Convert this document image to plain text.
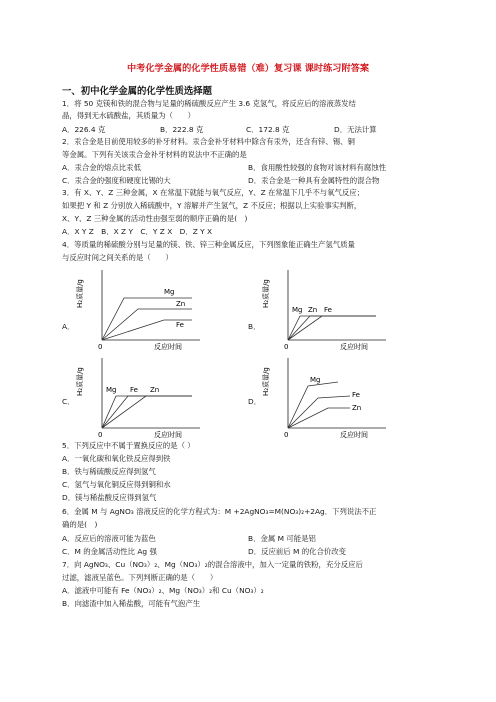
中考化学金属的化学性质易错（难）复习课 课时练习附答案
一、初中化学金属的化学性质选择题
1．将 50 克镁和铁的混合物与足量的稀硫酸反应产生 3.6 克氢气，将反应后的溶液蒸发结
晶，得到无水硫酸盐，其质量为（　　）
A．226.4 克	B．222.8 克	C．172.8 克	D．无法计算
2．汞合金是目前使用较多的补牙材料。汞合金补牙材料中除含有汞外，还含有锌、锡、铜
等金属。下列有关该汞合金补牙材料的说法中不正确的是
A．汞合金的熔点比汞低	B．食用酸性较强的食物对该材料有腐蚀性
C．汞合金的强度和硬度比锡的大	D．汞合金是一种具有金属特性的混合物
3．有 X、Y、Z 三种金属，X 在常温下就能与氧气反应，Y、Z 在常温下几乎不与氧气反应；
如果把 Y 和 Z 分别放入稀硫酸中，Y 溶解并产生氢气，Z 不反应；根据以上实验事实判断，
X、Y、Z 三种金属的活动性由强至弱的顺序正确的是(　)
A．X Y Z　B．X Z Y　C．Y Z X　D．Z Y X
4．等质量的稀硫酸分别与足量的镁、铁、锌三种金属反应，下列图象能正确生产氢气质量
与反应时间之间关系的是（　　）
A．	B．
C．	D．
H₂质量/g	Mg
Zn
Fe
0	反应时间
H₂质量/g
Mg Zn Fe
0	反应时间
H₂质量/g	Mg Fe Zn
0	反应时间
H₂质量/g	Mg
Fe
Zn
0	反应时间
5．下列反应中不属于置换反应的是（ ）
A．一氧化碳和氧化铁反应得到铁
B．铁与稀硫酸反应得到氢气
C．氢气与氧化铜反应得到铜和水
D．镁与稀盐酸反应得到氢气
6．金属 M 与 AgNO₃ 溶液反应的化学方程式为：M +2AgNO₃=M(NO₃)₂+2Ag．下列说法不正
确的是(　)
A．反应后的溶液可能为蓝色	B．金属 M 可能是铝
C．M 的金属活动性比 Ag 强	D．反应前后 M 的化合价改变
7．向 AgNO₃、Cu（NO₃）₂、Mg（NO₃）₂的混合溶液中，加入一定量的铁粉，充分反应后
过滤，滤液呈蓝色。下列判断正确的是（　　）
A．滤液中可能有 Fe（NO₃）₂、Mg（NO₃）₂和 Cu（NO₃）₂
B．向滤渣中加入稀盐酸，可能有气泡产生
